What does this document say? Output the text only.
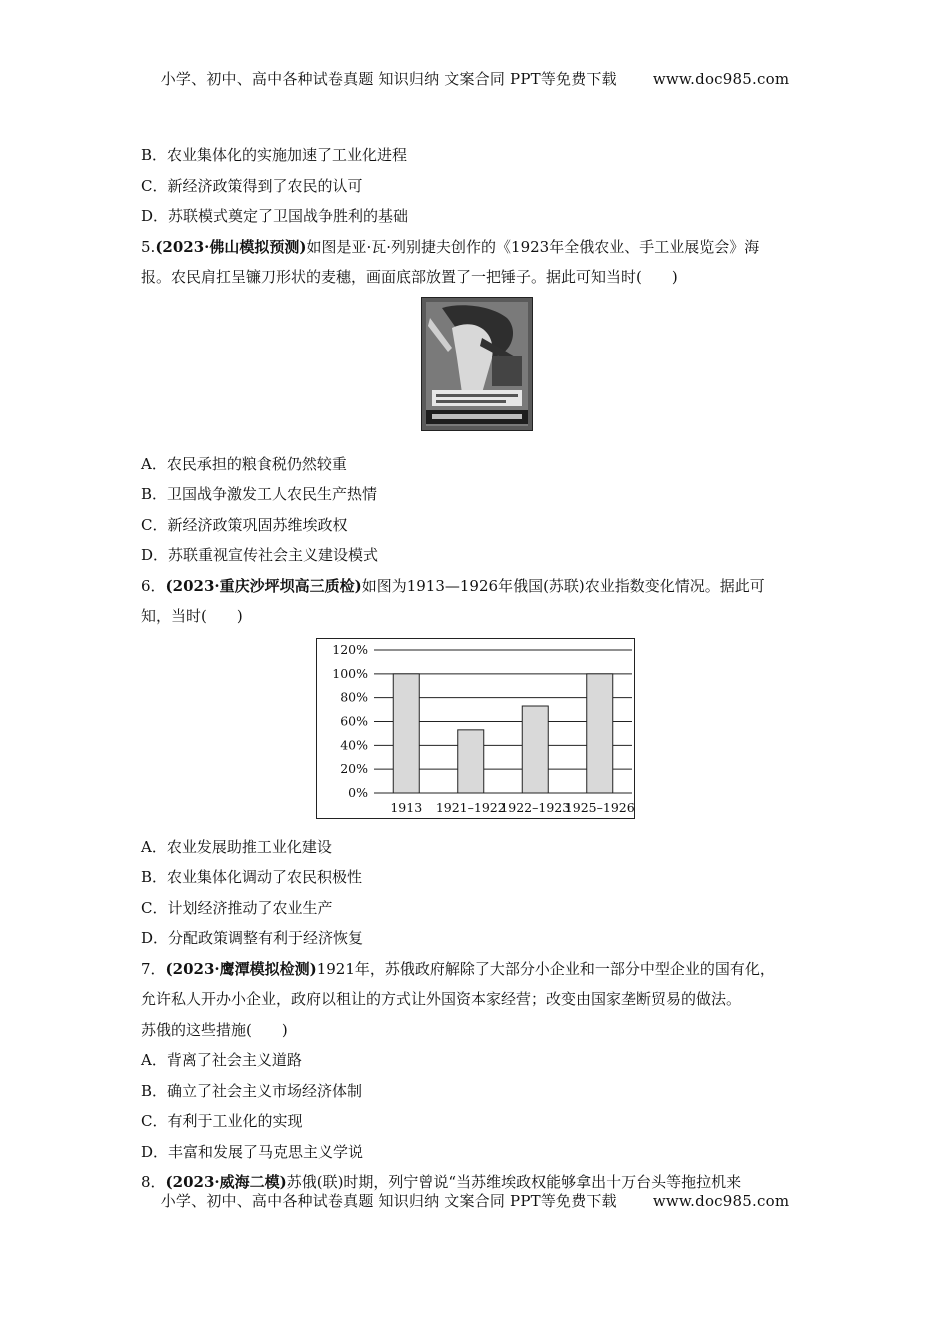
小学、初中、高中各种试卷真题 知识归纳 文案合同 PPT等免费下载 www.doc985.com
B．农业集体化的实施加速了工业化进程
C．新经济政策得到了农民的认可
D．苏联模式奠定了卫国战争胜利的基础
5.(2023·佛山模拟预测)如图是亚·瓦·列别捷夫创作的《1923年全俄农业、手工业展览会》海
报。农民肩扛呈镰刀形状的麦穗，画面底部放置了一把锤子。据此可知当时(　　)
A．农民承担的粮食税仍然较重
B．卫国战争激发工人农民生产热情
C．新经济政策巩固苏维埃政权
D．苏联重视宣传社会主义建设模式
6．(2023·重庆沙坪坝高三质检)如图为1913—1926年俄国(苏联)农业指数变化情况。据此可
知，当时(　　)
0%
20%
40%
60%
80%
100%
120%
1913 1921–1922
1922–1923
1925–1926
A．农业发展助推工业化建设
B．农业集体化调动了农民积极性
C．计划经济推动了农业生产
D．分配政策调整有利于经济恢复
7．(2023·鹰潭模拟检测)1921年，苏俄政府解除了大部分小企业和一部分中型企业的国有化，
允许私人开办小企业，政府以租让的方式让外国资本家经营；改变由国家垄断贸易的做法。
苏俄的这些措施(　　)
A．背离了社会主义道路
B．确立了社会主义市场经济体制
C．有利于工业化的实现
D．丰富和发展了马克思主义学说
8．(2023·威海二模)苏俄(联)时期，列宁曾说“当苏维埃政权能够拿出十万台头等拖拉机来
小学、初中、高中各种试卷真题 知识归纳 文案合同 PPT等免费下载 www.doc985.com
